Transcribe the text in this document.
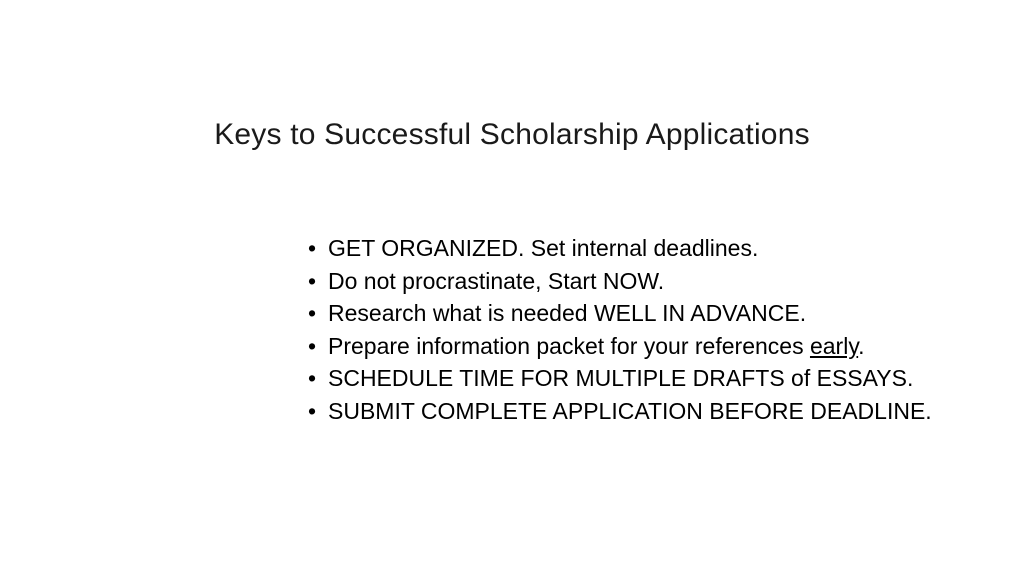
Keys to Successful Scholarship Applications
• GET ORGANIZED. Set internal deadlines.
• Do not procrastinate, Start NOW.
• Research what is needed WELL IN ADVANCE.
• Prepare information packet for your references early.
• SCHEDULE TIME FOR MULTIPLE DRAFTS of ESSAYS.
• SUBMIT COMPLETE APPLICATION BEFORE DEADLINE.
